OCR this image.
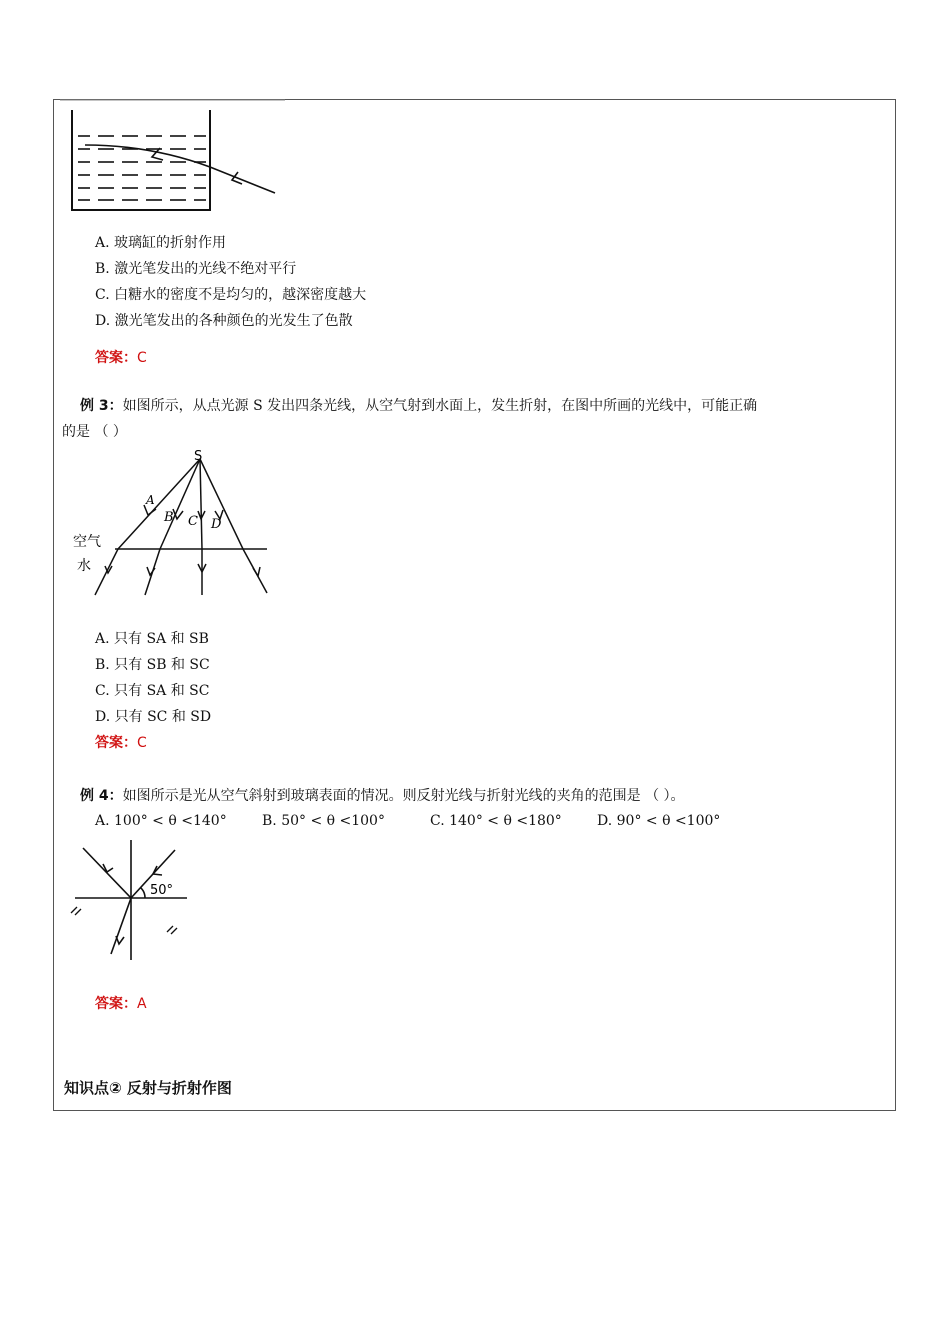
A. 玻璃缸的折射作用
B. 激光笔发出的光线不绝对平行
C. 白糖水的密度不是均匀的，越深密度越大
D. 激光笔发出的各种颜色的光发生了色散
答案：C
例 3：如图所示，从点光源 S 发出四条光线，从空气射到水面上，发生折射，在图中所画的光线中，可能正确
的是 （ ）
S
A
B C D
空气
水
A. 只有 SA 和 SB
B. 只有 SB 和 SC
C. 只有 SA 和 SC
D. 只有 SC 和 SD
答案：C
例 4：如图所示是光从空气斜射到玻璃表面的情况。则反射光线与折射光线的夹角的范围是 （ ）。
A. 100° < θ <140°	B. 50° < θ <100°	C. 140° < θ <180°	D. 90° < θ <100°
50°
答案：A
知识点② 反射与折射作图
